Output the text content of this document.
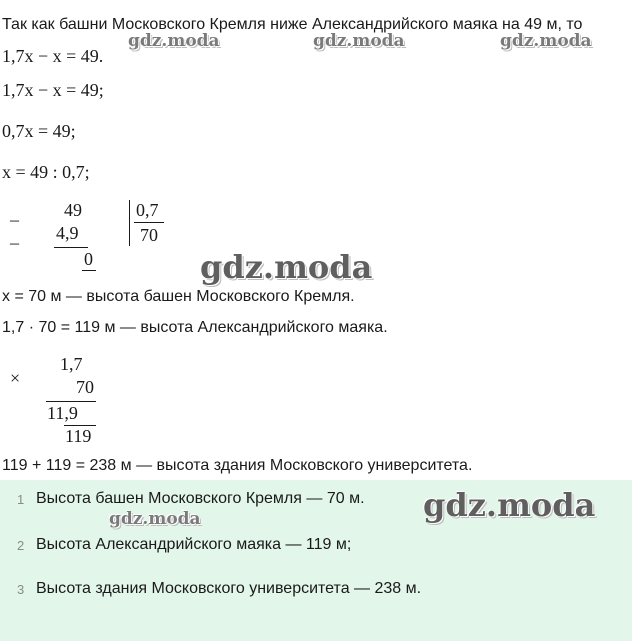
Так как башни Московского Кремля ниже Александрийского маяка на 49 м, то
1,7x − x = 49.
1,7x − x = 49;
0,7x = 49;
x = 49 : 0,7;
_
_
49
4,9
0
0,7
70
x = 70 м — высота башен Московского Кремля.
1,7 · 70 = 119 м — высота Александрийского маяка.
×
1,7
70
11,9
119
119 + 119 = 238 м — высота здания Московского университета.
1 Высота башен Московского Кремля — 70 м.
2 Высота Александрийского маяка — 119 м;
3 Высота здания Московского университета — 238 м.
gdz.moda	gdz.moda	gdz.moda
gdz.moda
gdz.moda
gdz.moda
